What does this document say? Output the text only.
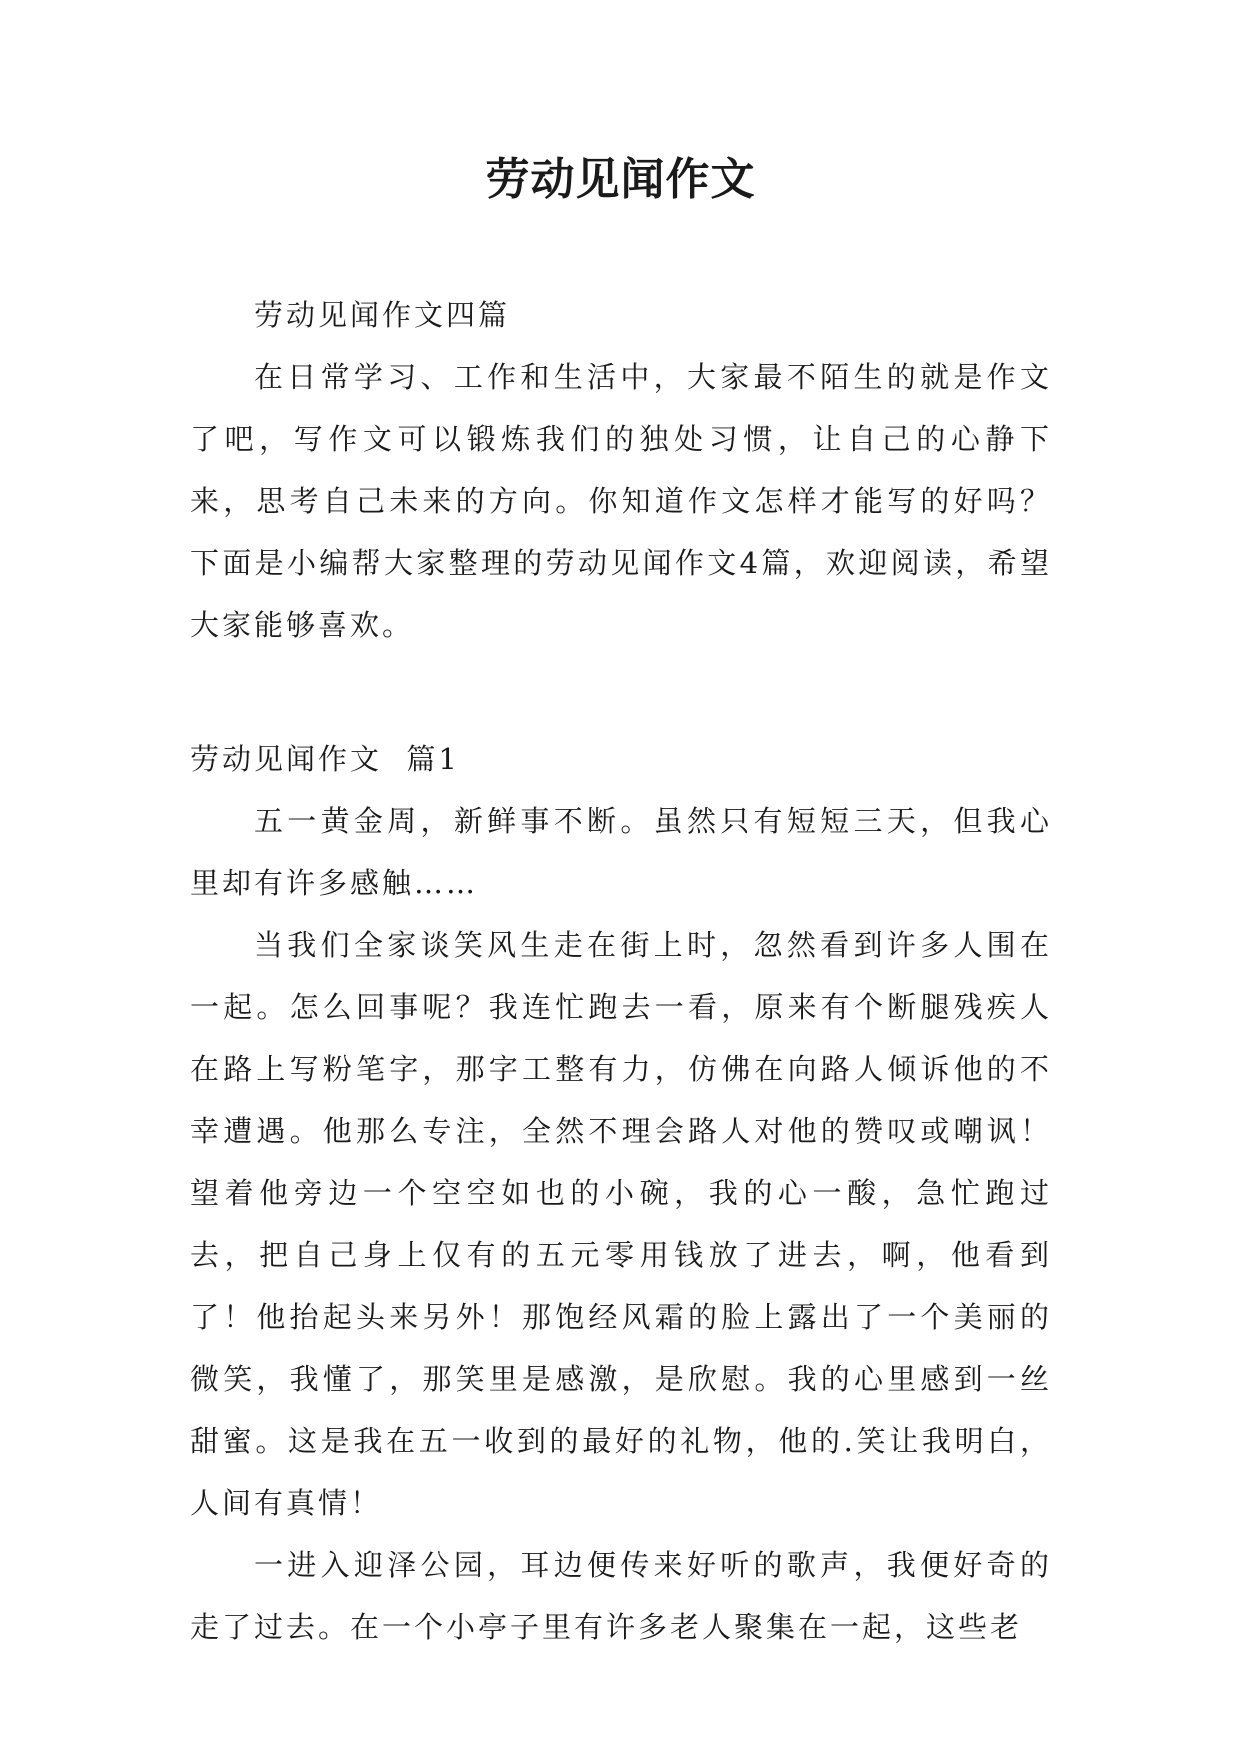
劳动见闻作文

劳动见闻作文四篇

在日常学习、工作和生活中，大家最不陌生的就是作文了吧，写作文可以锻炼我们的独处习惯，让自己的心静下来，思考自己未来的方向。你知道作文怎样才能写的好吗？下面是小编帮大家整理的劳动见闻作文4篇，欢迎阅读，希望大家能够喜欢。

劳动见闻作文  篇1

五一黄金周，新鲜事不断。虽然只有短短三天，但我心里却有许多感触……

当我们全家谈笑风生走在街上时，忽然看到许多人围在一起。怎么回事呢？我连忙跑去一看，原来有个断腿残疾人在路上写粉笔字，那字工整有力，仿佛在向路人倾诉他的不幸遭遇。他那么专注，全然不理会路人对他的赞叹或嘲讽！望着他旁边一个空空如也的小碗，我的心一酸，急忙跑过去，把自己身上仅有的五元零用钱放了进去，啊，他看到了！他抬起头来另外！那饱经风霜的脸上露出了一个美丽的微笑，我懂了，那笑里是感激，是欣慰。我的心里感到一丝甜蜜。这是我在五一收到的最好的礼物，他的.笑让我明白，人间有真情！

一进入迎泽公园，耳边便传来好听的歌声，我便好奇的走了过去。在一个小亭子里有许多老人聚集在一起，这些老
